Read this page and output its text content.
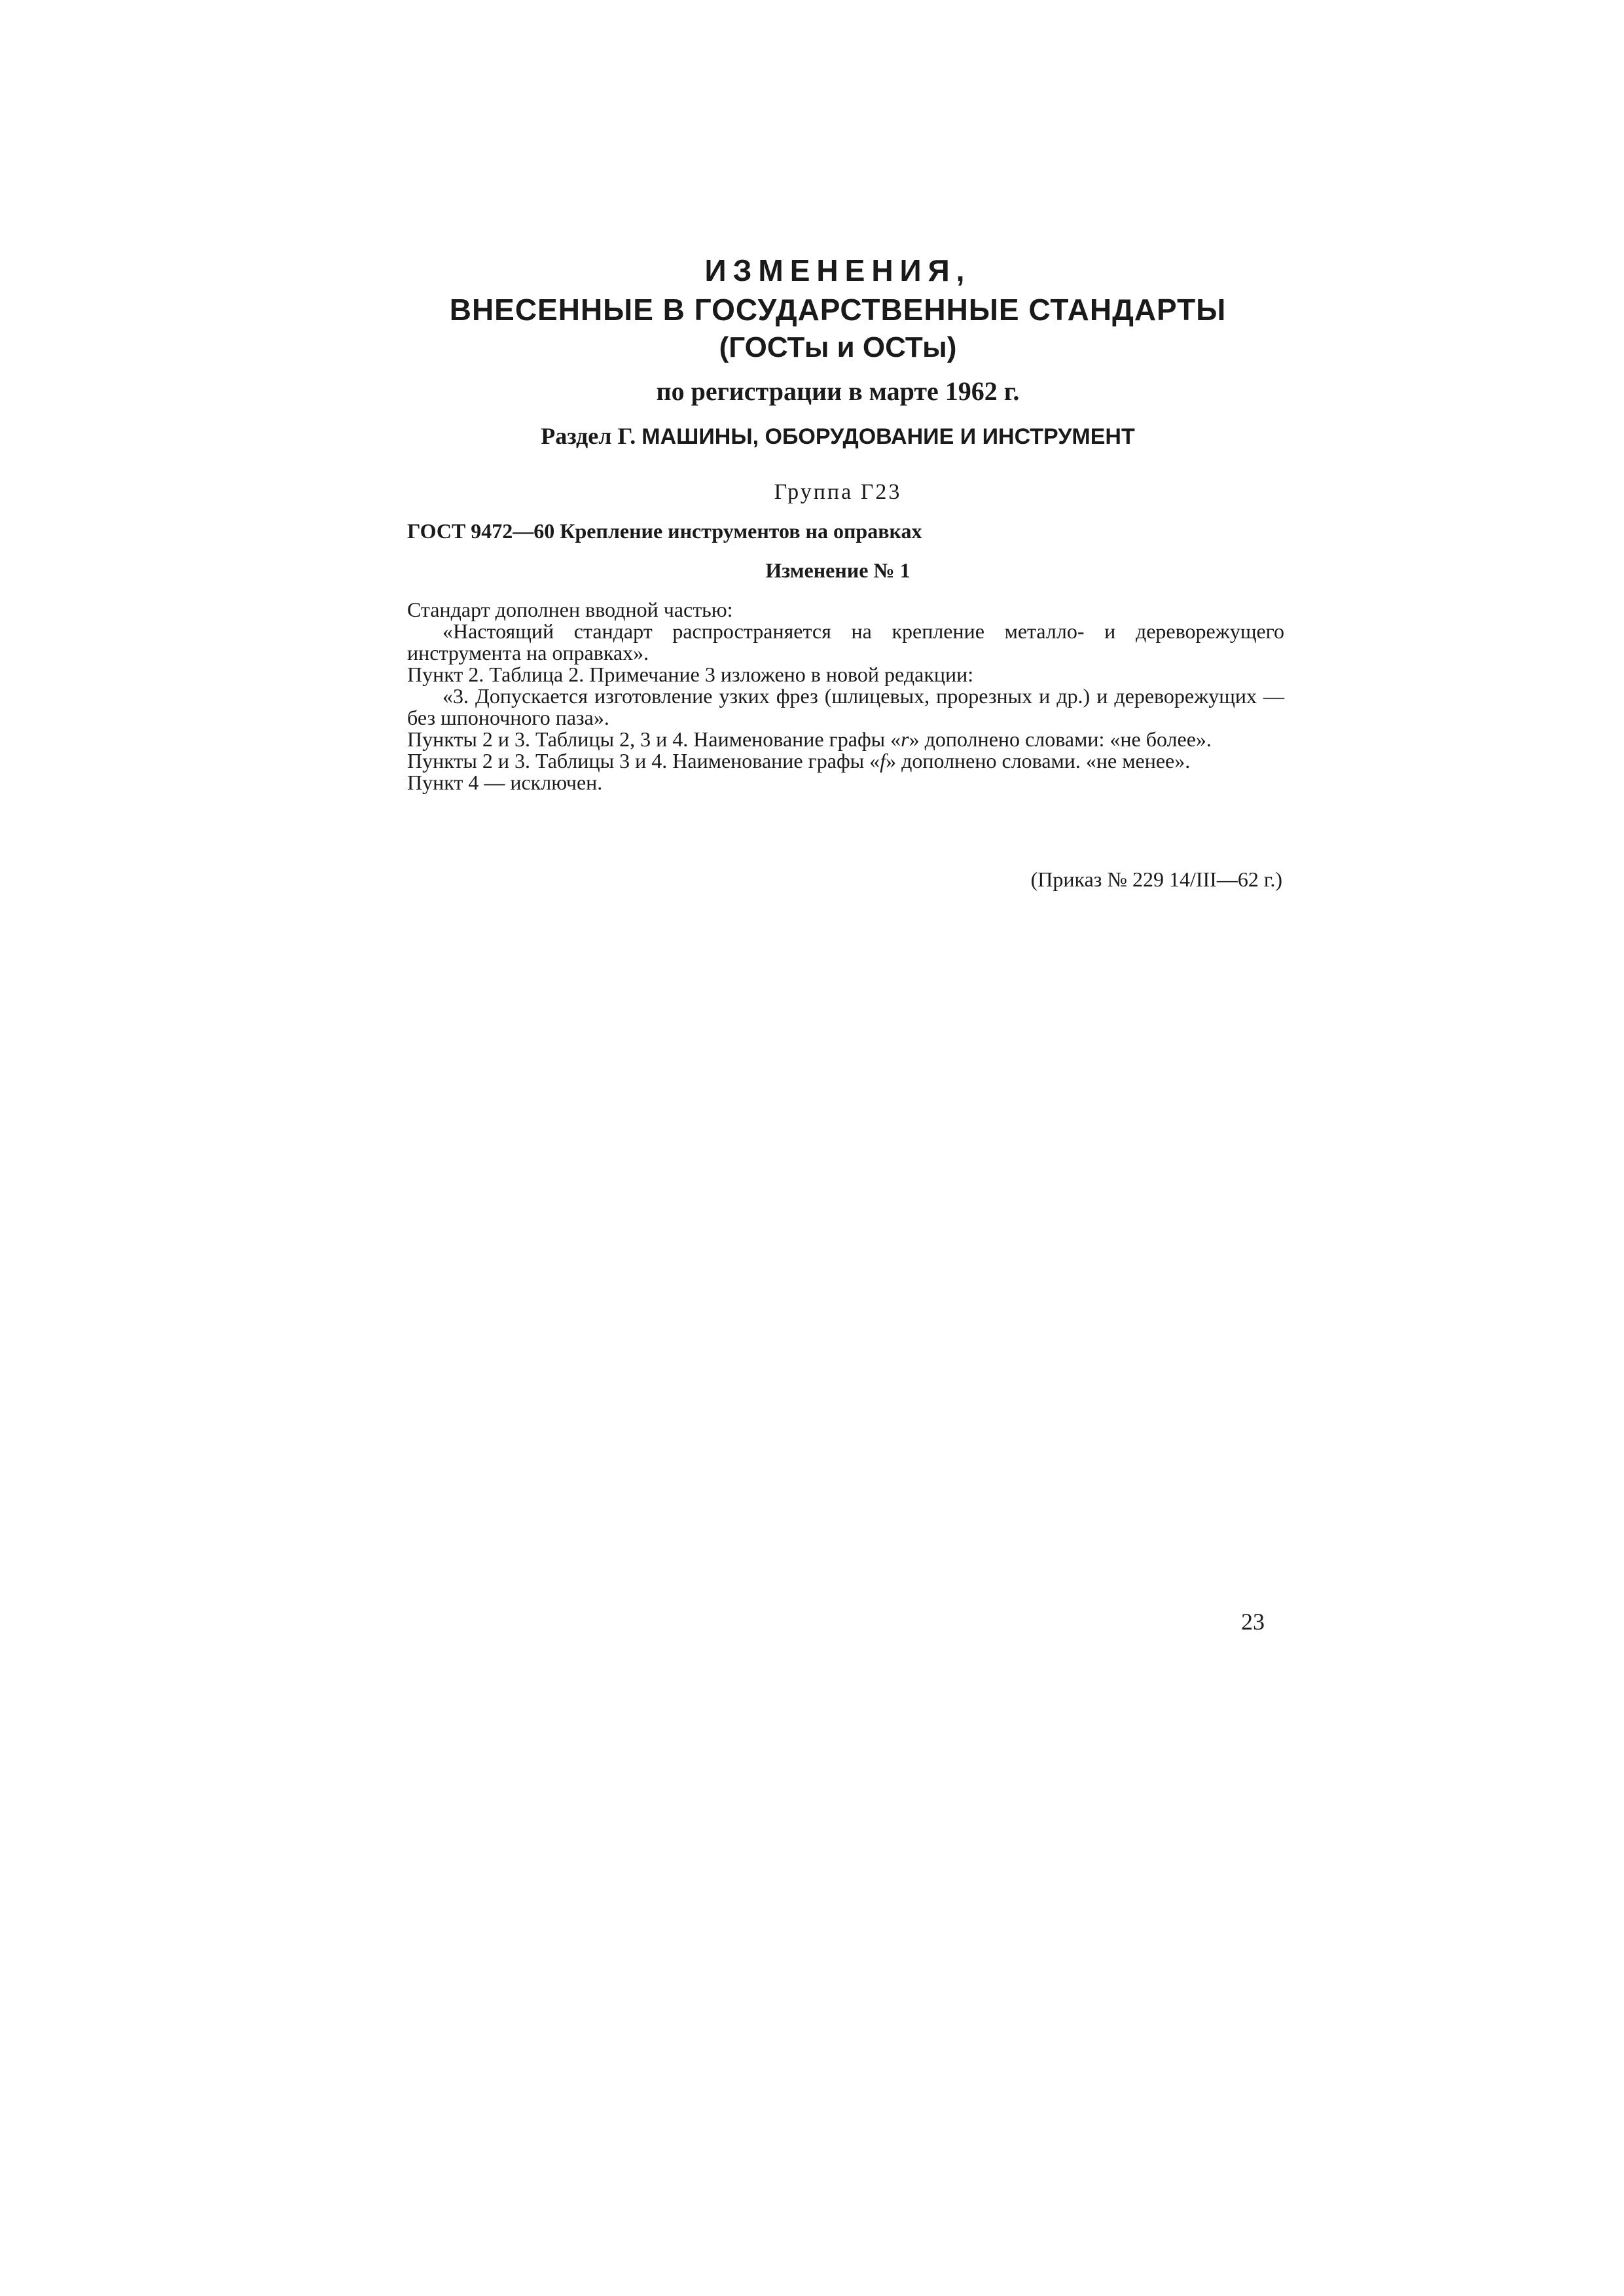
ИЗМЕНЕНИЯ,
ВНЕСЕННЫЕ В ГОСУДАРСТВЕННЫЕ СТАНДАРТЫ
(ГОСТы и ОСТы)
по регистрации в марте 1962 г.
Раздел Г. МАШИНЫ, ОБОРУДОВАНИЕ И ИНСТРУМЕНТ
Группа Г23
ГОСТ 9472—60 Крепление инструментов на оправках
Изменение № 1

Стандарт дополнен вводной частью:

«Настоящий стандарт распространяется на крепление металло- и дереворежущего инструмента на оправках».

Пункт 2. Таблица 2. Примечание 3 изложено в новой редакции:

«3. Допускается изготовление узких фрез (шлицевых, прорезных и др.) и дереворежущих — без шпоночного паза».

Пункты 2 и 3. Таблицы 2, 3 и 4. Наименование графы «r» дополнено словами: «не более».

Пункты 2 и 3. Таблицы 3 и 4. Наименование графы «f» дополнено словами. «не менее».

Пункт 4 — исключен.

(Приказ № 229 14/III—62 г.)
23
